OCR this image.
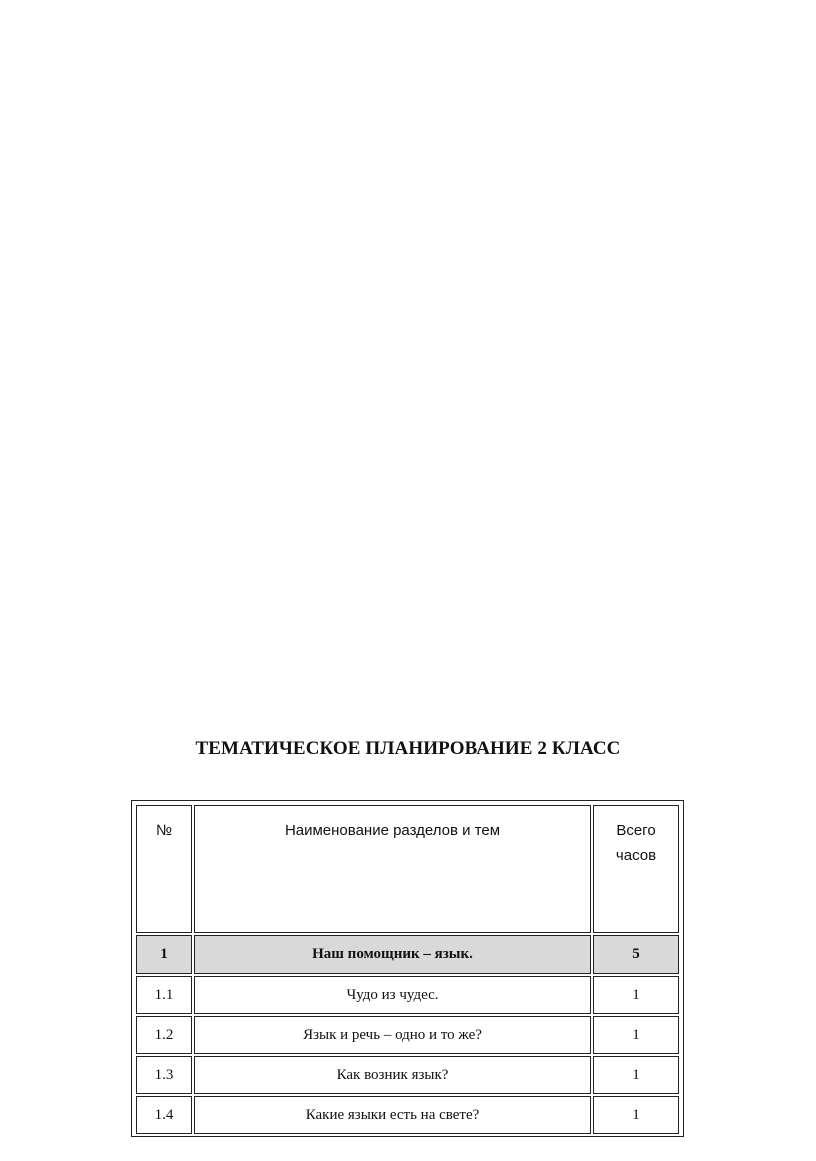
ТЕМАТИЧЕСКОЕ ПЛАНИРОВАНИЕ 2 КЛАСС
№	Наименование разделов и тем	Всего
часов
1	Наш помощник – язык.	5
1.1	Чудо из чудес.	1
1.2	Язык и речь – одно и то же?	1
1.3	Как возник язык?	1
1.4	Какие языки есть на свете?	1
